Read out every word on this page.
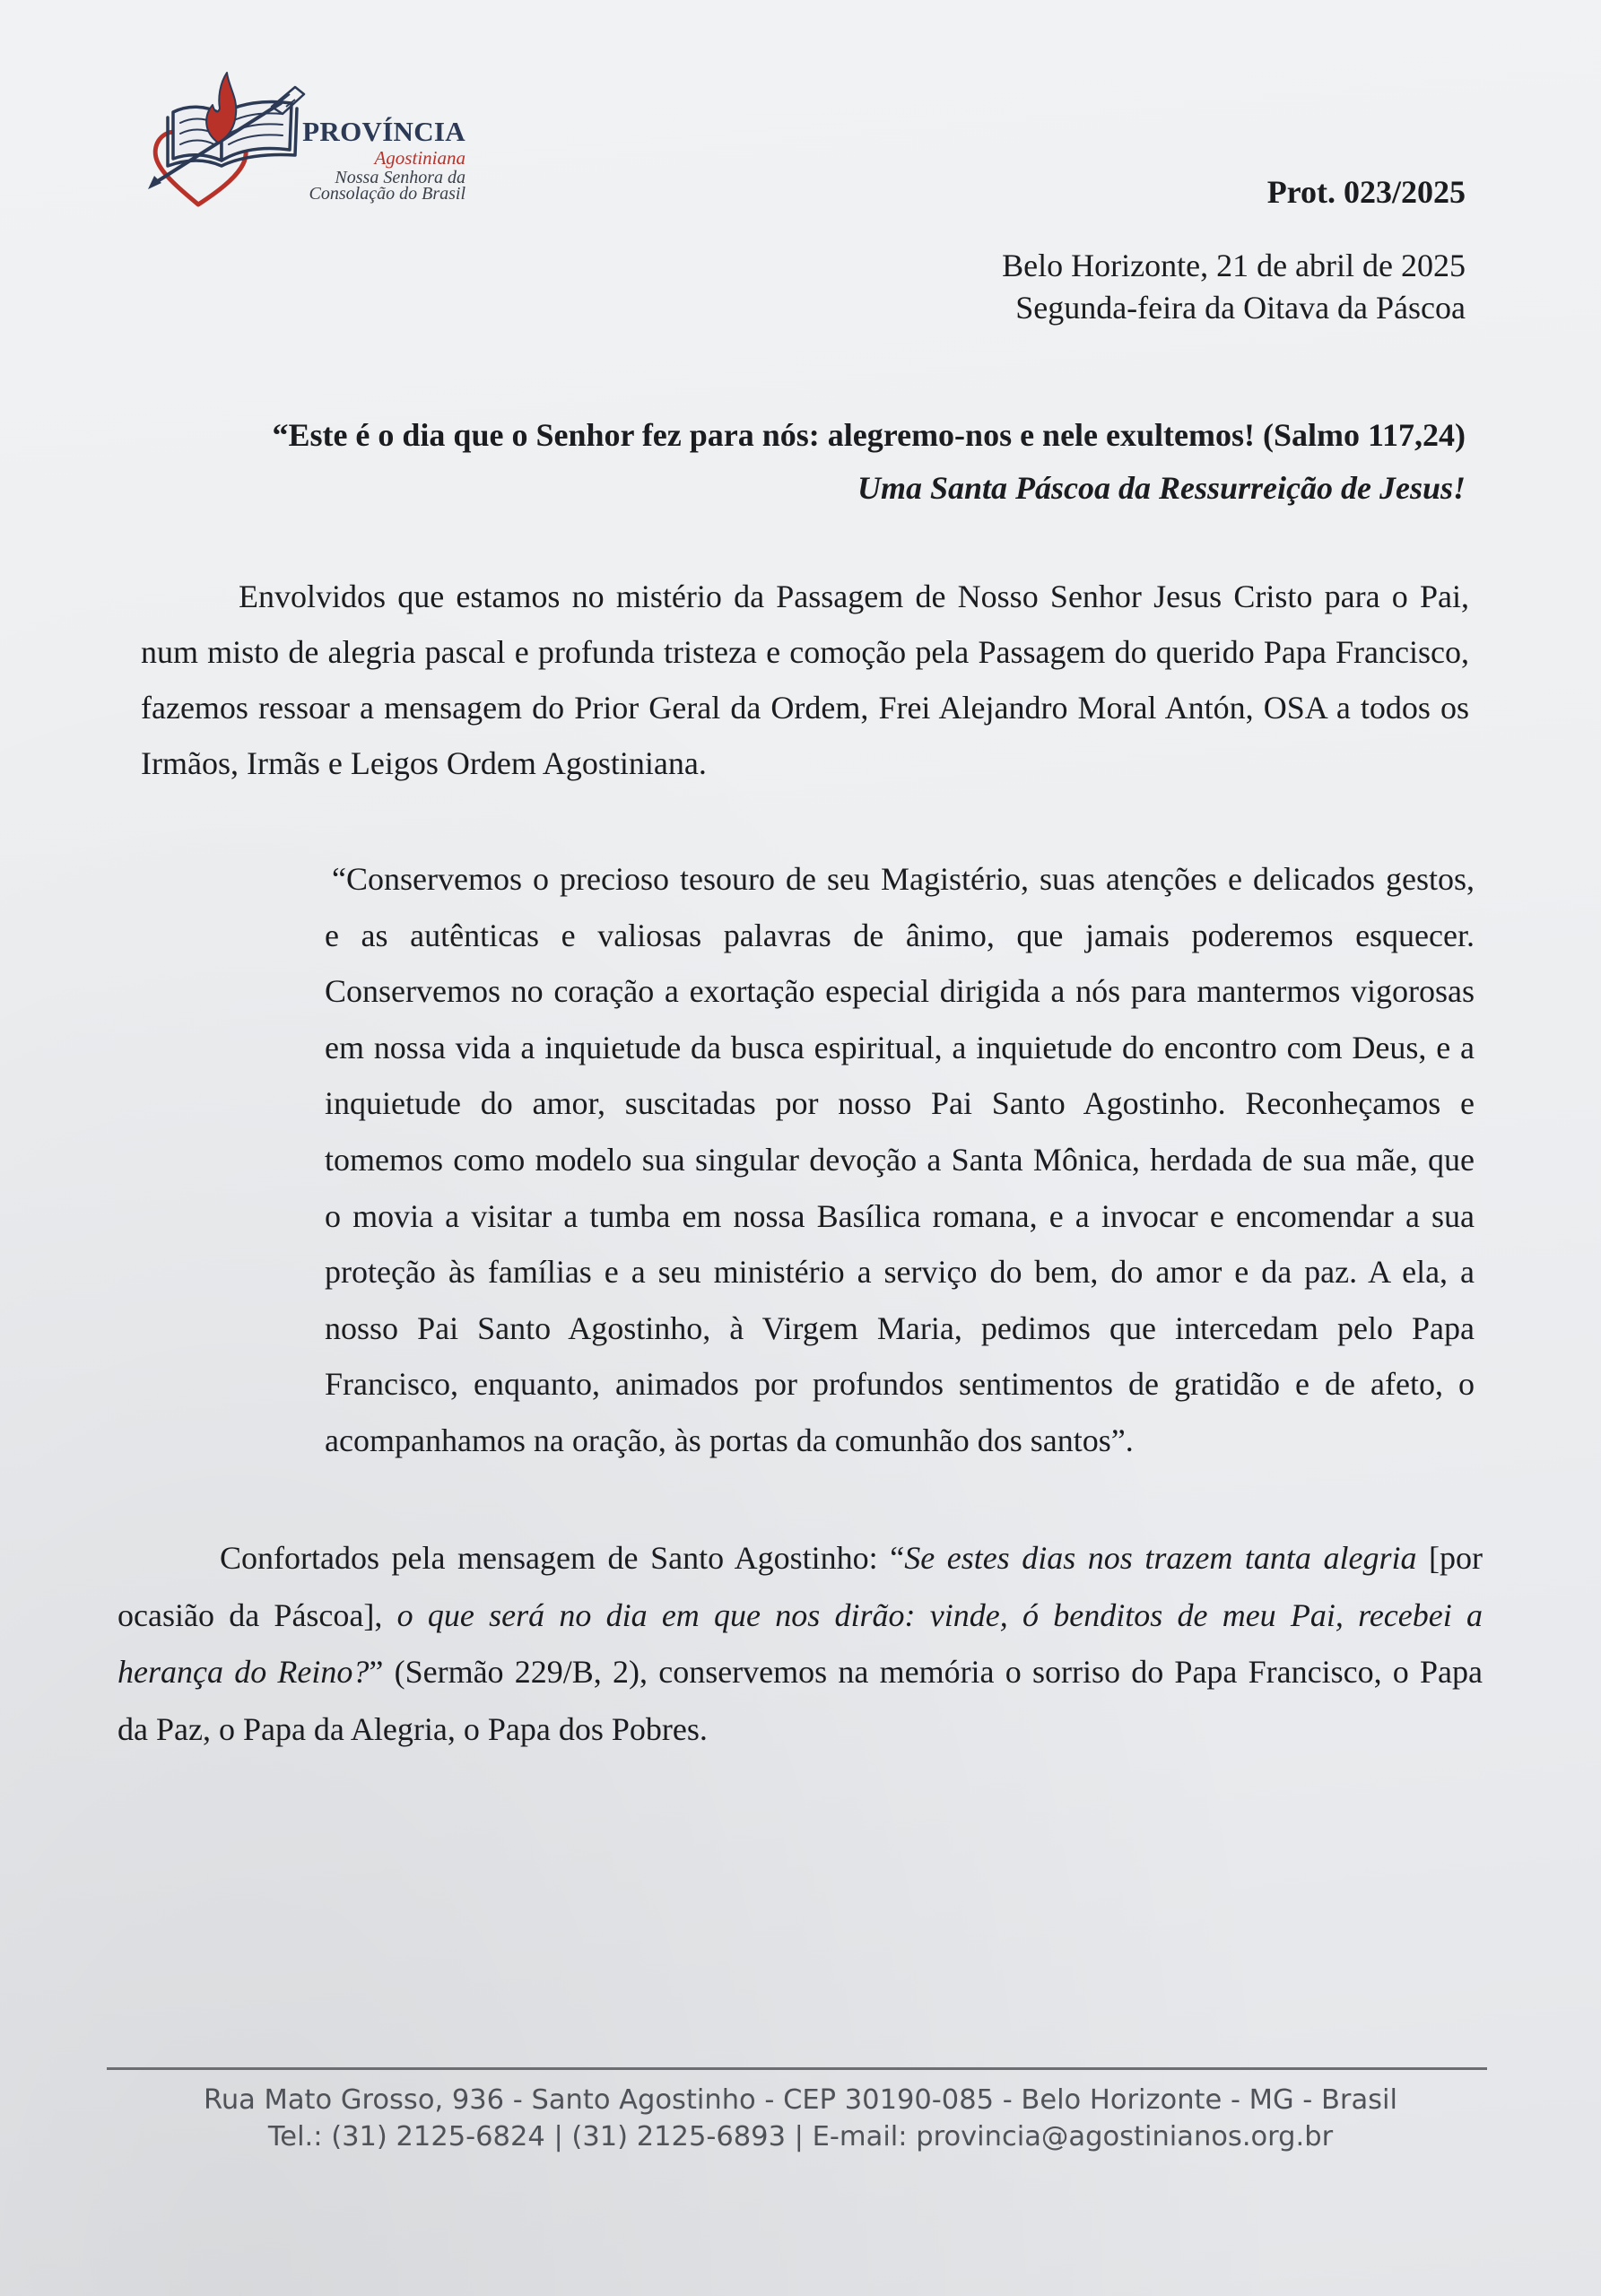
PROVÍNCIA
Agostiniana
Nossa Senhora da
Consolação do Brasil	Prot. 023/2025
Belo Horizonte, 21 de abril de 2025
Segunda-feira da Oitava da Páscoa
“Este é o dia que o Senhor fez para nós: alegremo-nos e nele exultemos! (Salmo 117,24)
Uma Santa Páscoa da Ressurreição de Jesus!
Envolvidos que estamos no mistério da Passagem de Nosso Senhor Jesus Cristo para o Pai,
num misto de alegria pascal e profunda tristeza e comoção pela Passagem do querido Papa Francisco,
fazemos ressoar a mensagem do Prior Geral da Ordem, Frei Alejandro Moral Antón, OSA a todos os
Irmãos, Irmãs e Leigos Ordem Agostiniana.
“Conservemos o precioso tesouro de seu Magistério, suas atenções e delicados gestos,
e as autênticas e valiosas palavras de ânimo, que jamais poderemos esquecer.
Conservemos no coração a exortação especial dirigida a nós para mantermos vigorosas
em nossa vida a inquietude da busca espiritual, a inquietude do encontro com Deus, e a
inquietude do amor, suscitadas por nosso Pai Santo Agostinho. Reconheçamos e
tomemos como modelo sua singular devoção a Santa Mônica, herdada de sua mãe, que
o movia a visitar a tumba em nossa Basílica romana, e a invocar e encomendar a sua
proteção às famílias e a seu ministério a serviço do bem, do amor e da paz. A ela, a
nosso Pai Santo Agostinho, à Virgem Maria, pedimos que intercedam pelo Papa
Francisco, enquanto, animados por profundos sentimentos de gratidão e de afeto, o
acompanhamos na oração, às portas da comunhão dos santos”.
Confortados pela mensagem de Santo Agostinho: “Se estes dias nos trazem tanta alegria [por
ocasião da Páscoa], o que será no dia em que nos dirão: vinde, ó benditos de meu Pai, recebei a
herança do Reino?” (Sermão 229/B, 2), conservemos na memória o sorriso do Papa Francisco, o Papa
da Paz, o Papa da Alegria, o Papa dos Pobres.
Rua Mato Grosso, 936 - Santo Agostinho - CEP 30190-085 - Belo Horizonte - MG - Brasil
Tel.: (31) 2125-6824 | (31) 2125-6893 | E-mail: provincia@agostinianos.org.br
